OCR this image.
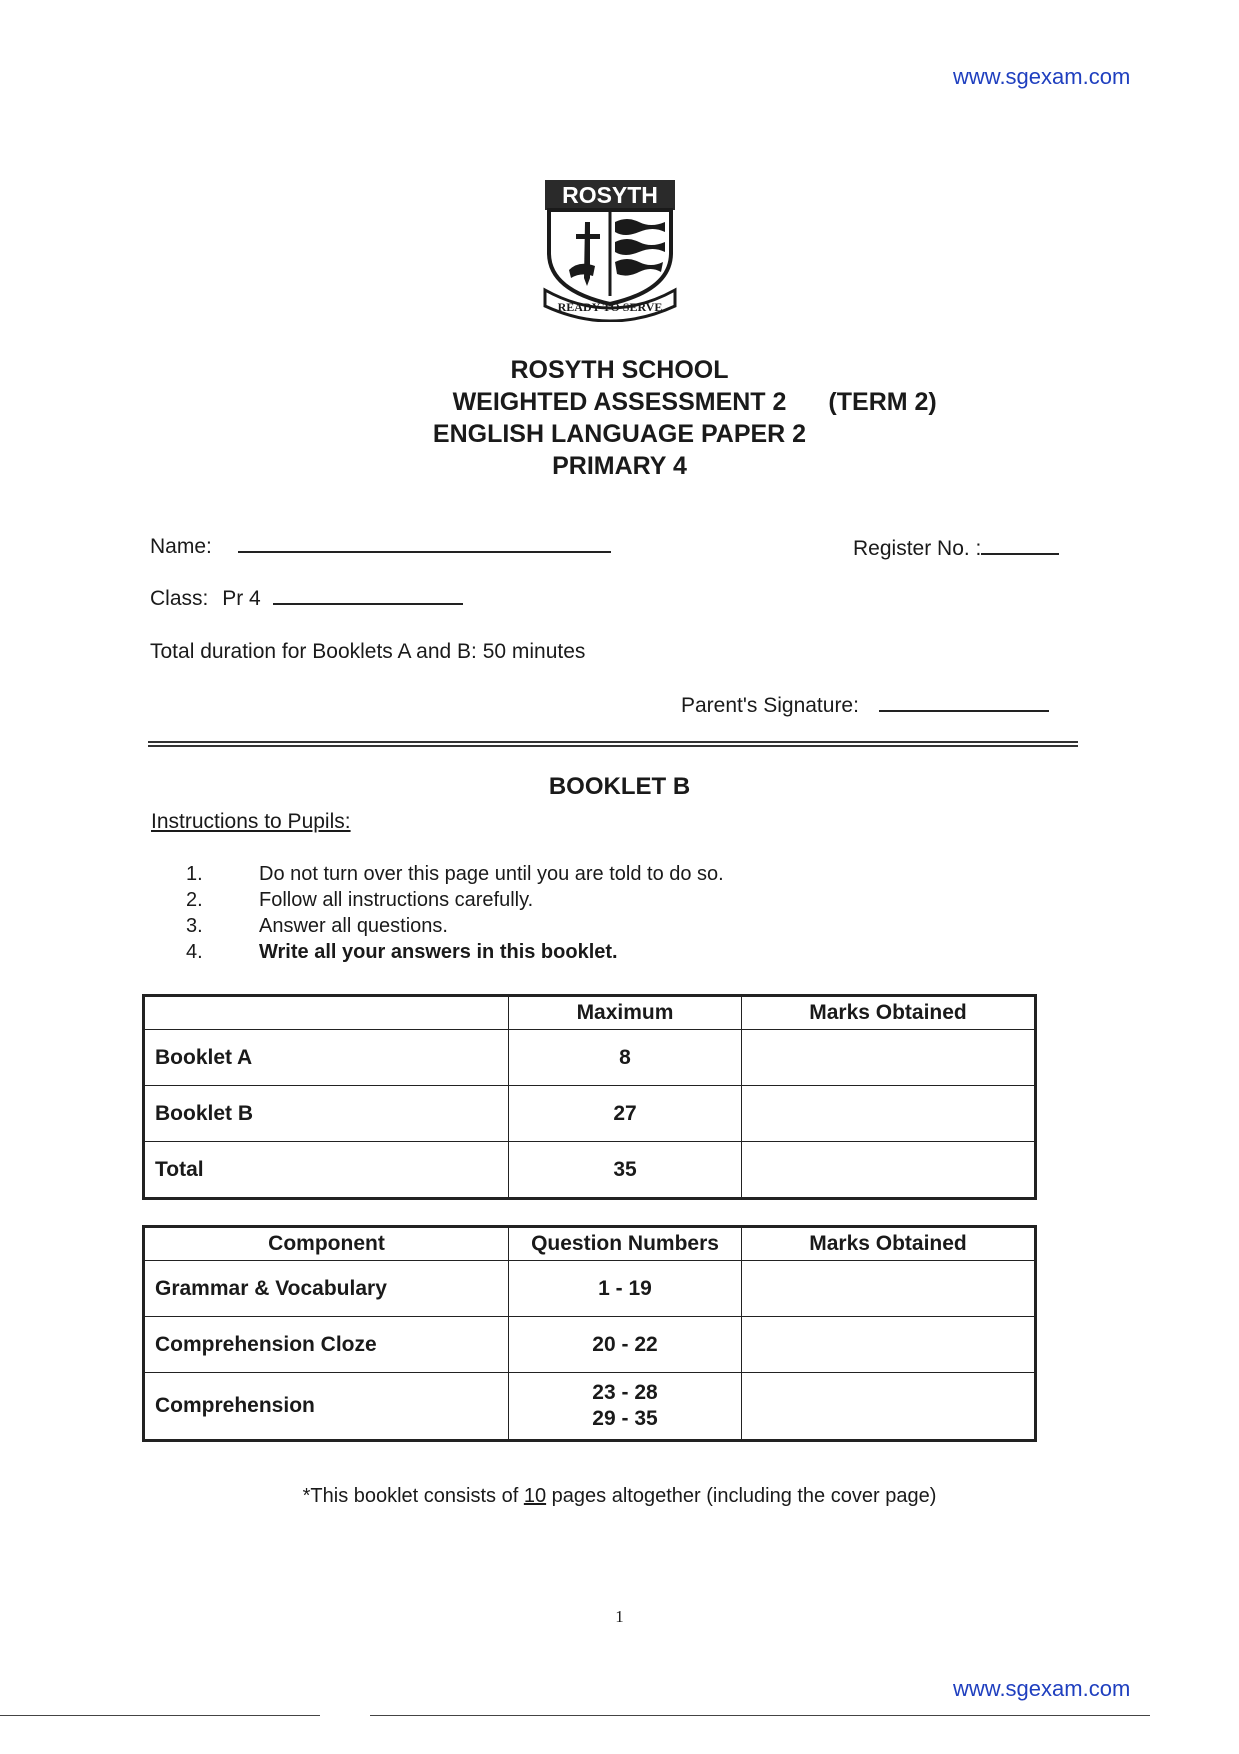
www.sgexam.com
ROSYTH
READY TO SERVE
ROSYTH SCHOOL
WEIGHTED ASSESSMENT 2 (TERM 2)
ENGLISH LANGUAGE PAPER 2
PRIMARY 4
Name:	Register No. :
Class: Pr 4
Total duration for Booklets A and B: 50 minutes
Parent's Signature:
BOOKLET B
Instructions to Pupils:
1.	Do not turn over this page until you are told to do so.
2.	Follow all instructions carefully.
3.	Answer all questions.
4.	Write all your answers in this booklet.
	Maximum	Marks Obtained
Booklet A	8	
Booklet B	27	
Total	35	
Component	Question Numbers	Marks Obtained
Grammar & Vocabulary	1 - 19	
Comprehension Cloze	20 - 22	
Comprehension	23 - 28
29 - 35	

*This booklet consists of 10 pages altogether (including the cover page)
1
www.sgexam.com
